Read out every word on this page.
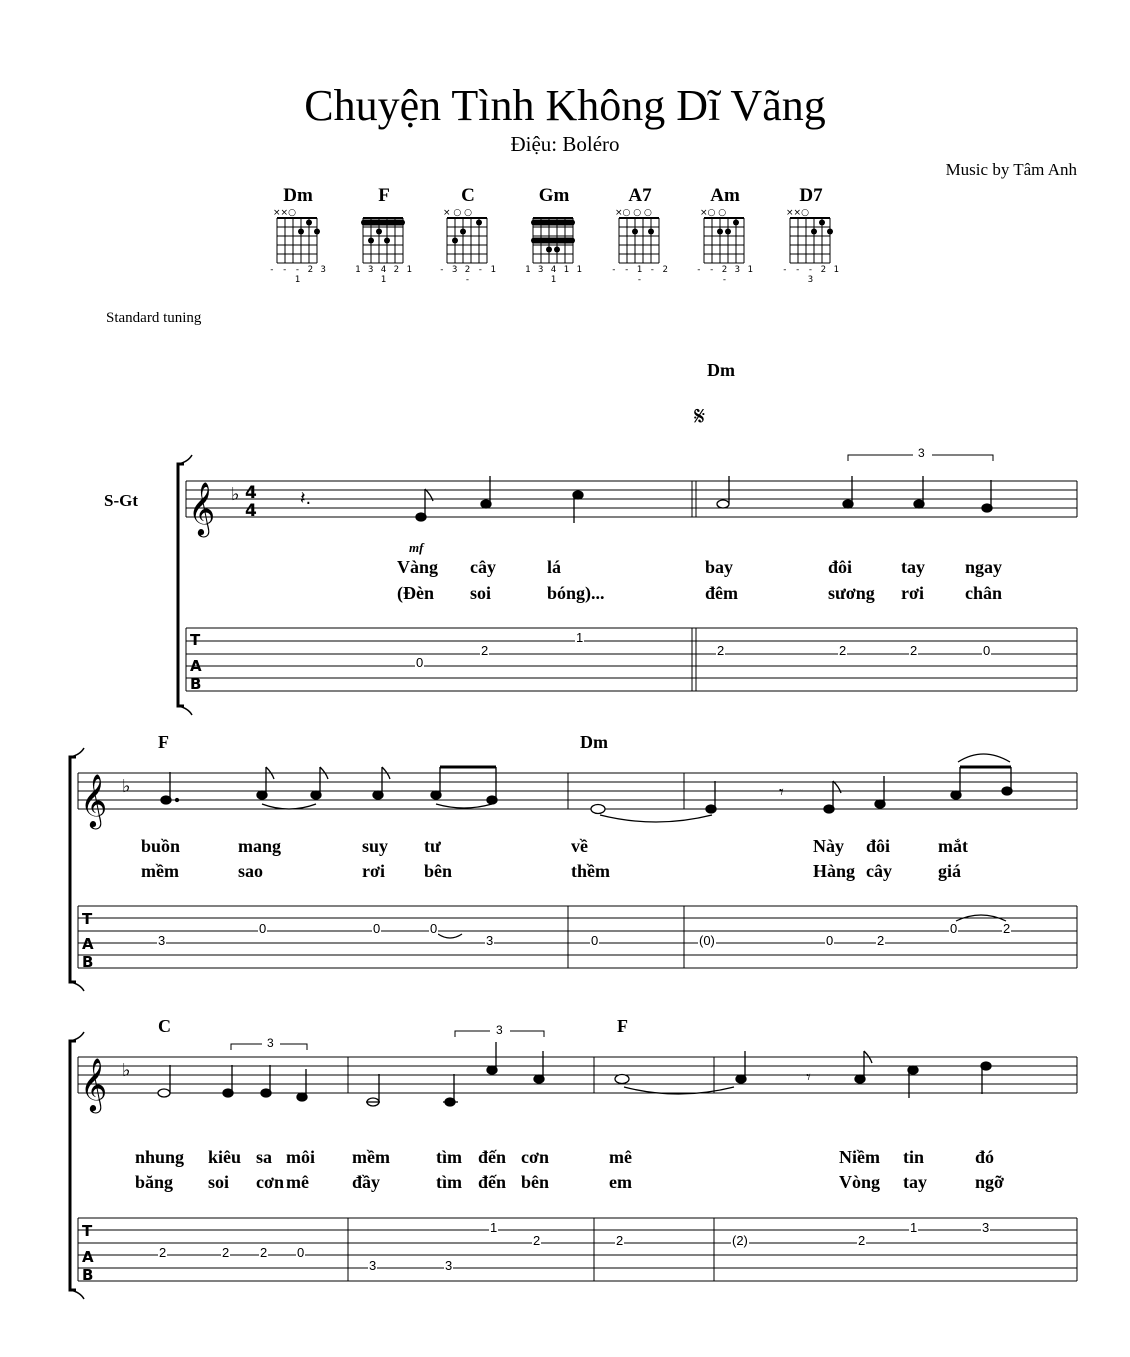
Chuyện Tình Không Dĩ Vãng
Điệu: Boléro
Music by Tâm Anh
Standard tuning
Dm
××○
- - - 2 3 1
F
1 3 4 2 1 1
C
× ○ ○
- 3 2 - 1 -
Gm
1 3 4 1 1 1
A7
×○ ○ ○
- - 1 - 2 -
Am
×○ ○
- - 2 3 1 -
D7
××○
- - - 2 1 3
𝄞 ♭ 4
4
𝄞 ♭
𝄞 ♭
T
A
B
T
A
B
T
A
B
𝄽.
𝄾
𝄾
𝄋
S-Gt
mf
3
3
3
Dm
F	Dm
C	F
Vàng cây	lá	bay	đôi	tay ngay
(Đèn soi	bóng)...	đêm	sương rơi chân
buồn	mang	suy tư	về	Này đôi	mắt
mềm	sao	rơi bên	thềm	Hàng cây	giá
nhung kiêu sa môi mềm	tìm đến cơn	mê	Niềm tin	đó
băng soi cơn mê đầy	tìm đến bên	em	Vòng tay	ngỡ
0
2
1
2	2	2	0
3
0	0	0
3	0	(0)	0	2
0	2
2	2 2 0
3	3
1
2	2	(2)	2
1	3
